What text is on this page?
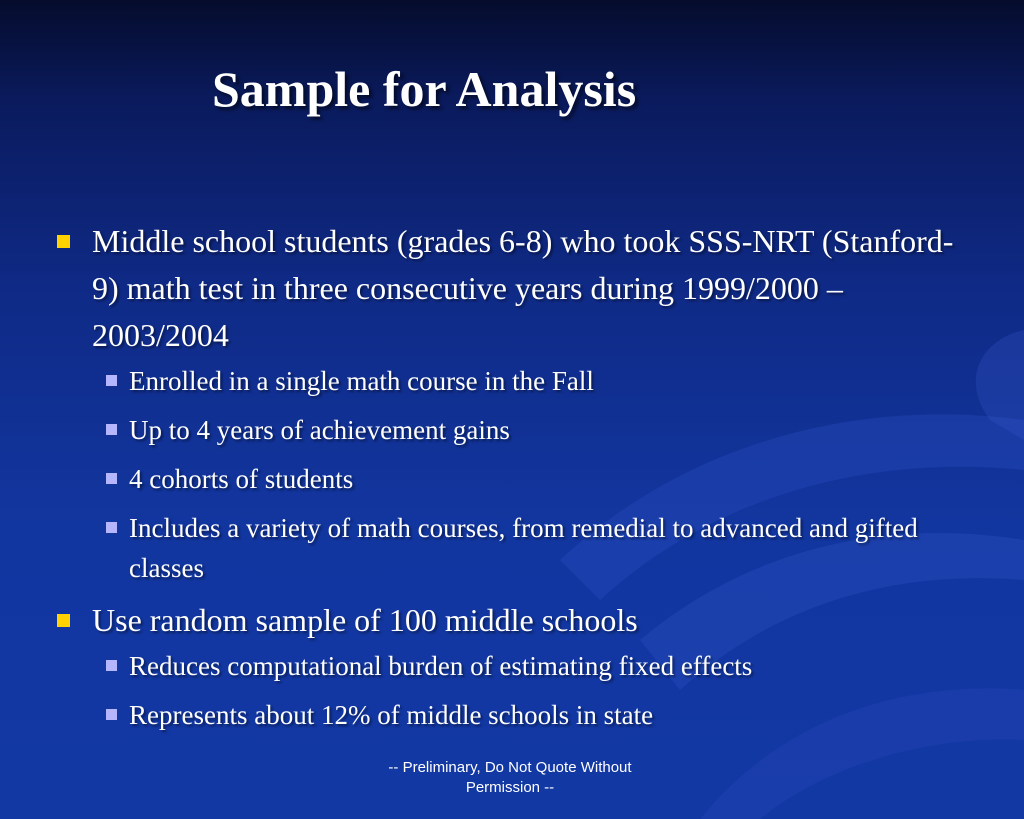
Sample for Analysis
Middle school students (grades 6-8) who took SSS-NRT (Stanford-9) math test in three consecutive years during 1999/2000 – 2003/2004
Enrolled in a single math course in the Fall
Up to 4 years of achievement gains
4 cohorts of students
Includes a variety of math courses, from remedial to advanced and gifted classes
Use random sample of 100 middle schools
Reduces computational burden of estimating fixed effects
Represents about 12% of middle schools in state
-- Preliminary, Do Not Quote Without
Permission --
